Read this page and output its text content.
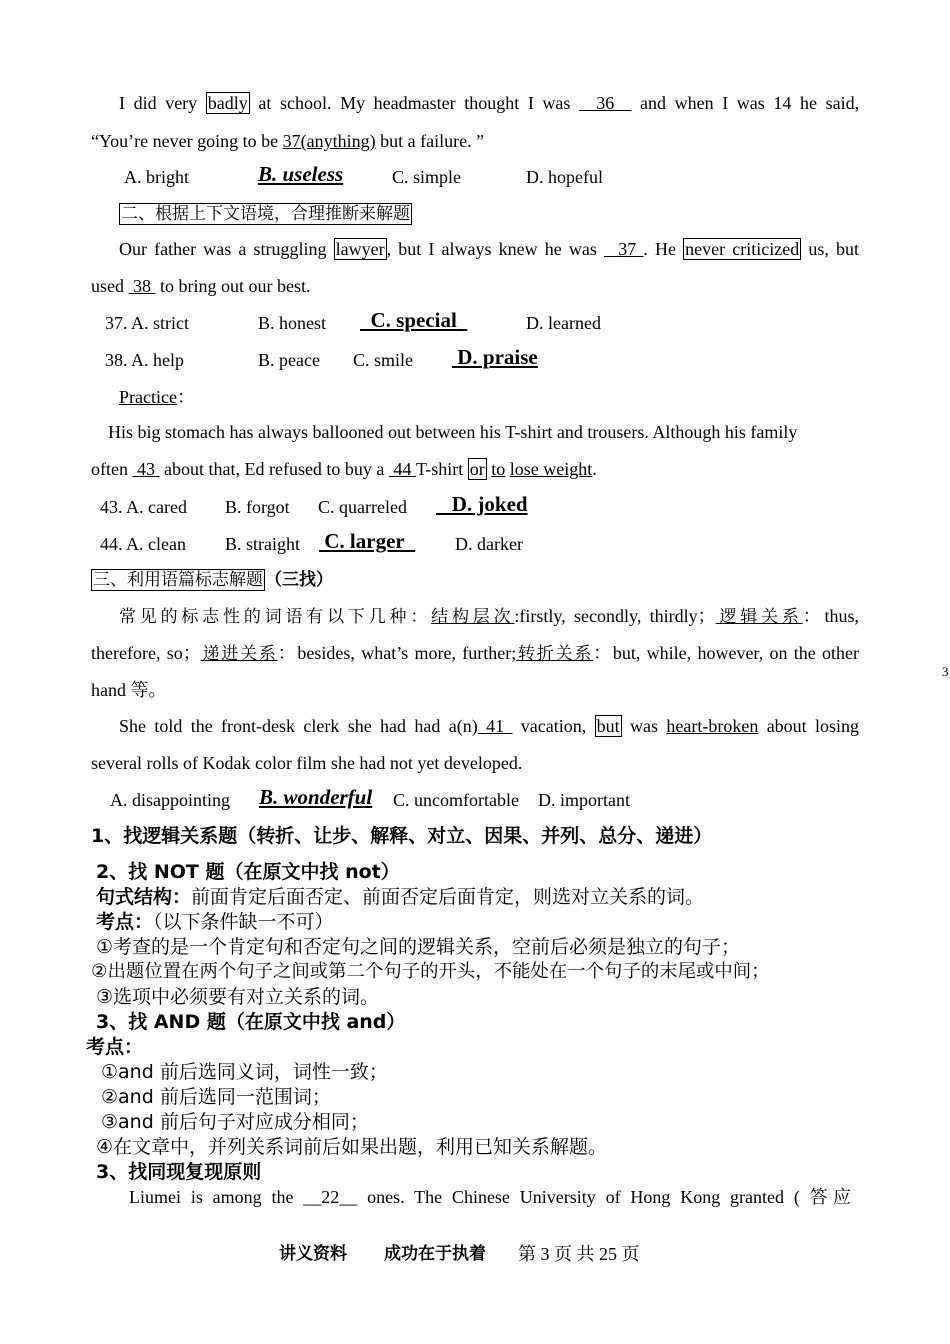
I did very badly at school. My headmaster thought I was 36 and when I was 14 he said,
“You’re never going to be 37(anything) but a failure. ”
A. bright	B. useless	C. simple	D. hopeful
二、根据上下文语境，合理推断来解题
Our father was a struggling lawyer , but I always knew he was 37 . He never criticized us, but
used 38 to bring out our best.
37. A. strict	B. honest	C. special	D. learned
38. A. help	B. peace C. smile D. praise
Practice：
His big stomach has always ballooned out between his T-shirt and trousers. Although his family
often 43 about that, Ed refused to buy a 44 T-shirt or to lose weight.
43. A. cared B. forgot C. quarreled	D. joked
44. A. clean B. straight C. larger	D. darker
三、利用语篇标志解题 （三找）
常见的标志性的词语有以下几种：结构层次:firstly, secondly, thirdly；逻辑关系：thus,
therefore, so；递进关系：besides, what’s more, further;转折关系：but, while, however, on the other
hand 等。
3
She told the front-desk clerk she had had a(n) 41 vacation, but was heart-broken about losing
several rolls of Kodak color film she had not yet developed.
A. disappointing B. wonderful C. uncomfortable D. important
1、找逻辑关系题（转折、让步、解释、对立、因果、并列、总分、递进）
2、找 NOT 题（在原文中找 not）
句式结构：前面肯定后面否定、前面否定后面肯定，则选对立关系的词。
考点：（以下条件缺一不可）
①考查的是一个肯定句和否定句之间的逻辑关系，空前后必须是独立的句子；
②出题位置在两个句子之间或第二个句子的开头，不能处在一个句子的末尾或中间；
③选项中必须要有对立关系的词。
3、找 AND 题（在原文中找 and）
考点：
①and 前后选同义词，词性一致；
②and 前后选同一范围词；
③and 前后句子对应成分相同；
④在文章中，并列关系词前后如果出题，利用已知关系解题。
3、找同现复现原则
Liumei is among the __22__ ones. The Chinese University of Hong Kong granted ( 答应
讲义资料 成功在于执着 第 3 页 共 25 页
